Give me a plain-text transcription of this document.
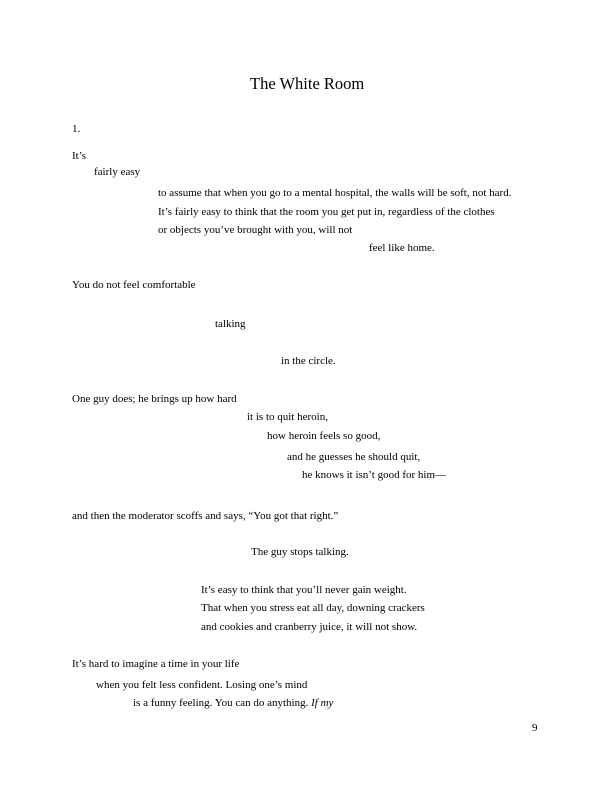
The White Room
1.
It’s
fairly easy
to assume that when you go to a mental hospital, the walls will be soft, not hard.
It’s fairly easy to think that the room you get put in, regardless of the clothes
or objects you’ve brought with you, will not
feel like home.
You do not feel comfortable
talking
in the circle.
One guy does; he brings up how hard
it is to quit heroin,
how heroin feels so good,
and he guesses he should quit,
he knows it isn’t good for him—
and then the moderator scoffs and says, “You got that right.”
The guy stops talking.
It’s easy to think that you’ll never gain weight.
That when you stress eat all day, downing crackers
and cookies and cranberry juice, it will not show.
It’s hard to imagine a time in your life
when you felt less confident. Losing one’s mind
is a funny feeling. You can do anything. If my
9
